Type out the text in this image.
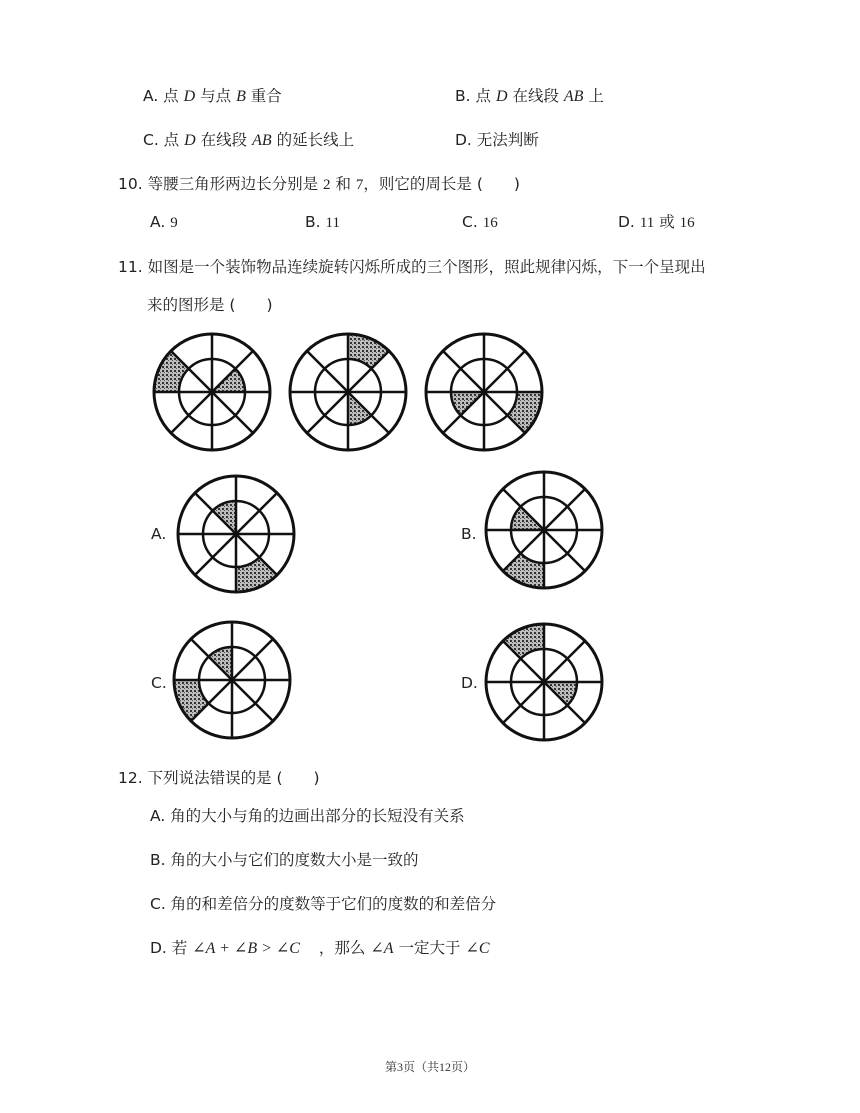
A. 点 D 与点 B 重合	B. 点 D 在线段 AB 上
C. 点 D 在线段 AB 的延长线上	D. 无法判断
10. 等腰三角形两边长分别是 2 和 7，则它的周长是 (　　)
A. 9	B. 11	C. 16	D. 11 或 16
11. 如图是一个装饰物品连续旋转闪烁所成的三个图形，照此规律闪烁，下一个呈现出
来的图形是 (　　)
A.	B.
C.	D.
12. 下列说法错误的是 (　　)
A. 角的大小与角的边画出部分的长短没有关系
B. 角的大小与它们的度数大小是一致的
C. 角的和差倍分的度数等于它们的度数的和差倍分
D. 若 ∠A + ∠B > ∠C ，那么 ∠A 一定大于 ∠C
第3页（共12页）
